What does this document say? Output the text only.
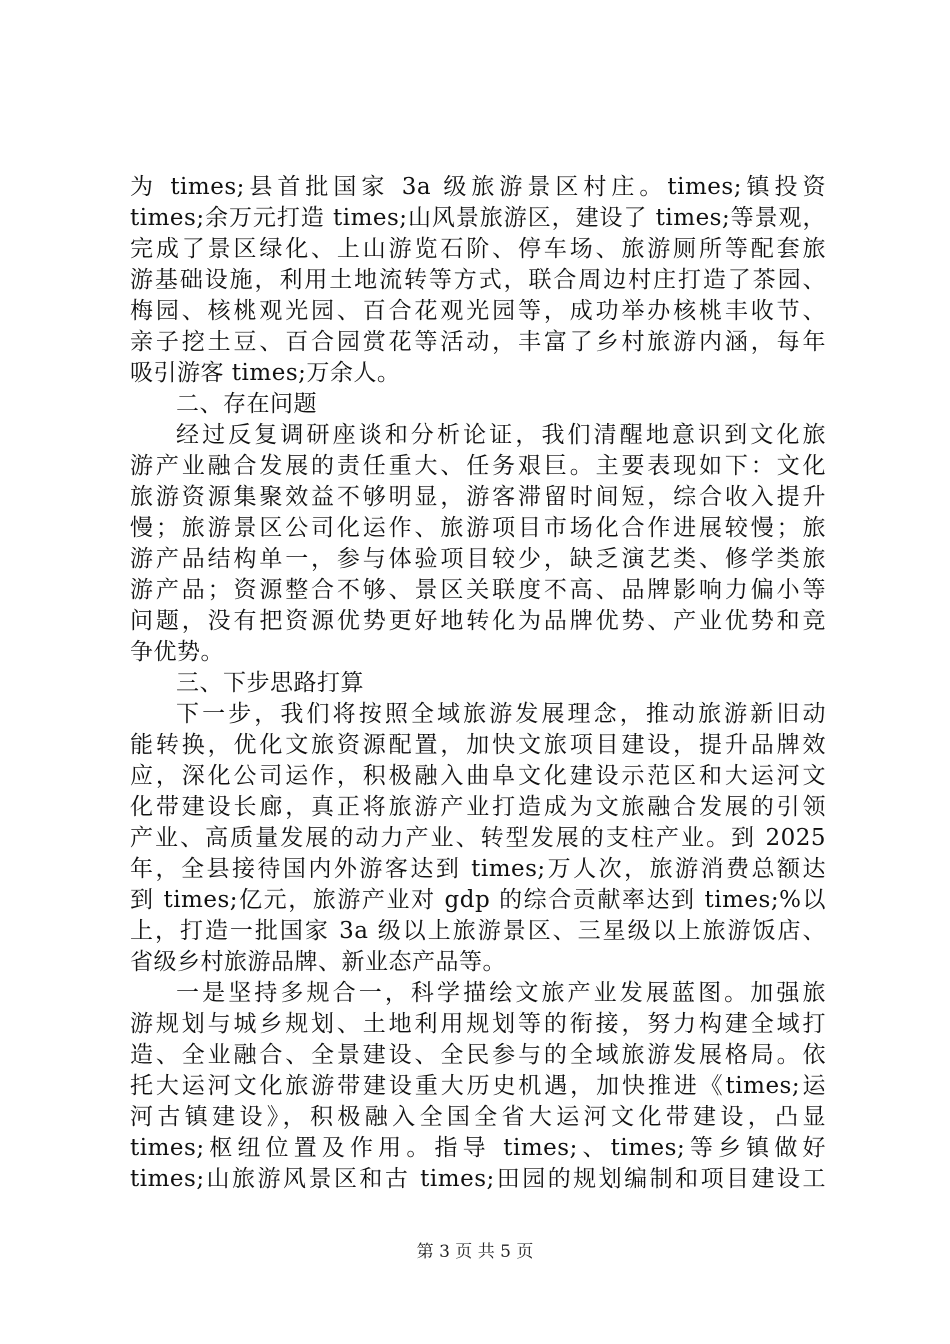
为 times;县首批国家 3a 级旅游景区村庄。times;镇投资
times;余万元打造 times;山风景旅游区，建设了 times;等景观，
完成了景区绿化、上山游览石阶、停车场、旅游厕所等配套旅
游基础设施，利用土地流转等方式，联合周边村庄打造了茶园、
梅园、核桃观光园、百合花观光园等，成功举办核桃丰收节、
亲子挖土豆、百合园赏花等活动，丰富了乡村旅游内涵，每年
吸引游客 times;万余人。
二、存在问题
经过反复调研座谈和分析论证，我们清醒地意识到文化旅
游产业融合发展的责任重大、任务艰巨。主要表现如下：文化
旅游资源集聚效益不够明显，游客滞留时间短，综合收入提升
慢；旅游景区公司化运作、旅游项目市场化合作进展较慢；旅
游产品结构单一，参与体验项目较少，缺乏演艺类、修学类旅
游产品；资源整合不够、景区关联度不高、品牌影响力偏小等
问题，没有把资源优势更好地转化为品牌优势、产业优势和竞
争优势。
三、下步思路打算
下一步，我们将按照全域旅游发展理念，推动旅游新旧动
能转换，优化文旅资源配置，加快文旅项目建设，提升品牌效
应，深化公司运作，积极融入曲阜文化建设示范区和大运河文
化带建设长廊，真正将旅游产业打造成为文旅融合发展的引领
产业、高质量发展的动力产业、转型发展的支柱产业。到 2025
年，全县接待国内外游客达到 times;万人次，旅游消费总额达
到 times;亿元，旅游产业对 gdp 的综合贡献率达到 times;%以
上，打造一批国家 3a 级以上旅游景区、三星级以上旅游饭店、
省级乡村旅游品牌、新业态产品等。
一是坚持多规合一，科学描绘文旅产业发展蓝图。加强旅
游规划与城乡规划、土地利用规划等的衔接，努力构建全域打
造、全业融合、全景建设、全民参与的全域旅游发展格局。依
托大运河文化旅游带建设重大历史机遇，加快推进《times;运
河古镇建设》，积极融入全国全省大运河文化带建设，凸显
times;枢纽位置及作用。指导 times;、times;等乡镇做好
times;山旅游风景区和古 times;田园的规划编制和项目建设工
第 3 页 共 5 页
